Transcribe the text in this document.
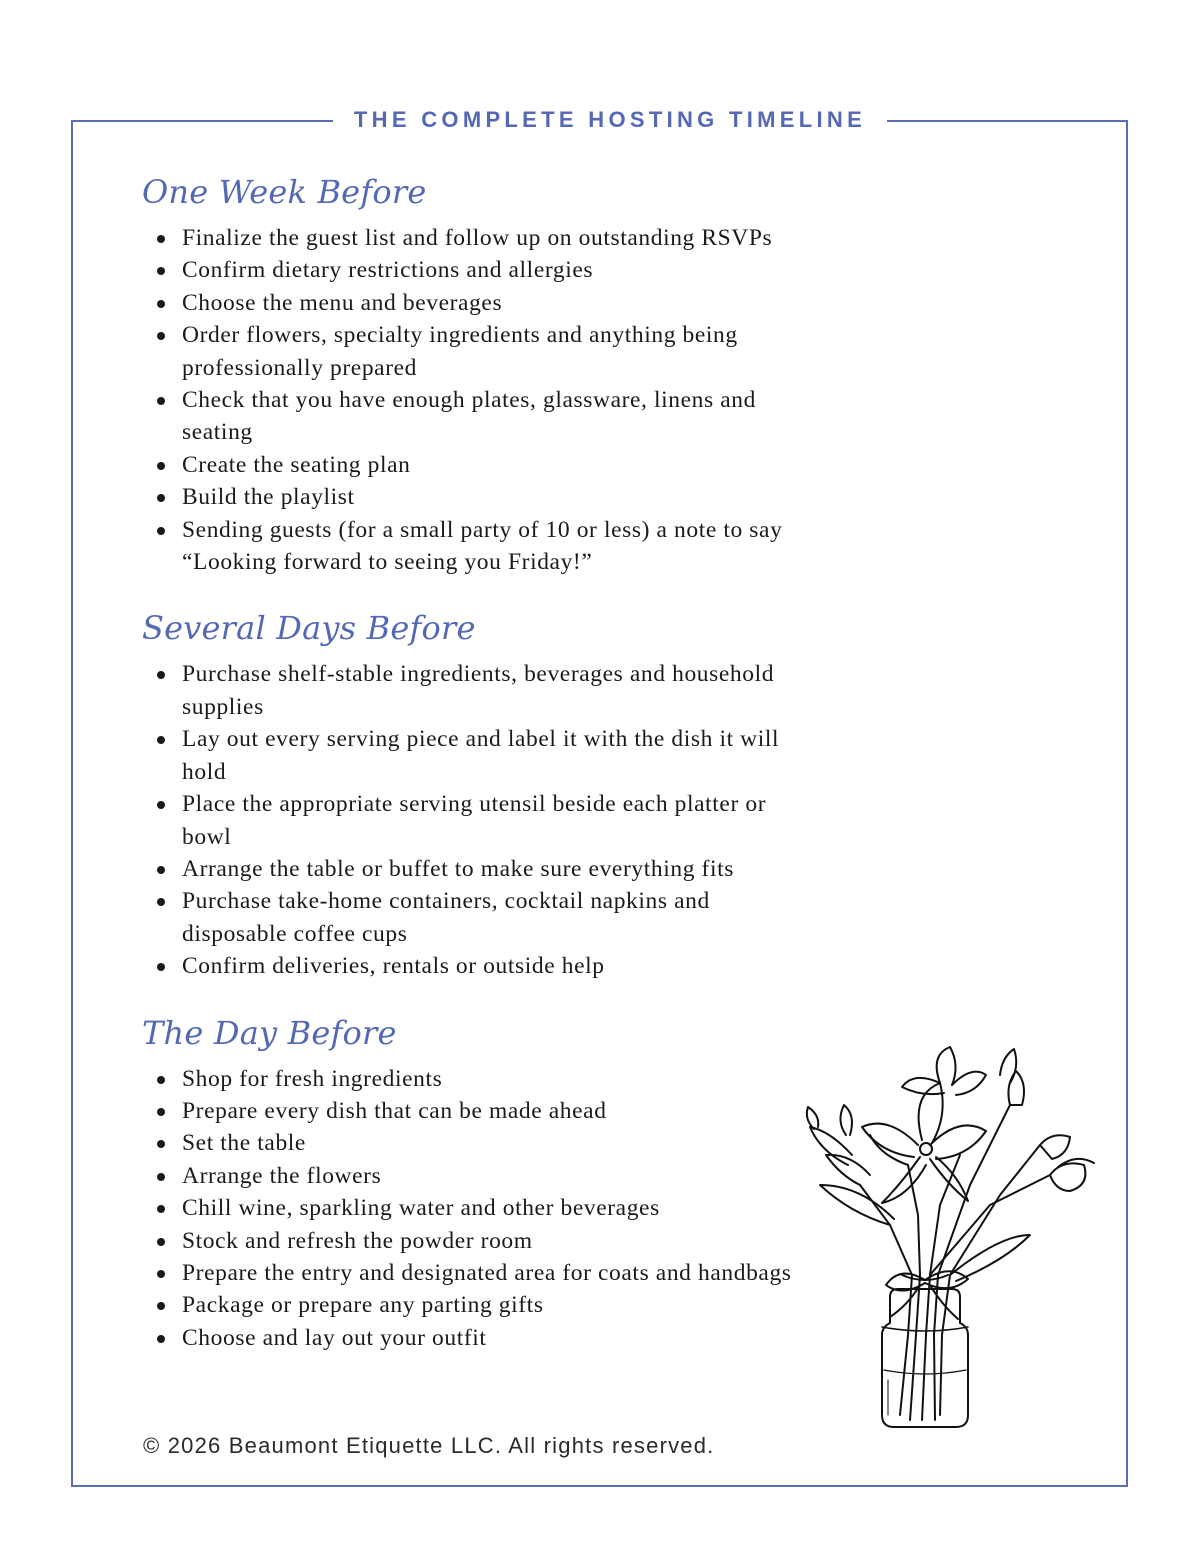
THE COMPLETE HOSTING TIMELINE
One Week Before
Finalize the guest list and follow up on outstanding RSVPs
Confirm dietary restrictions and allergies
Choose the menu and beverages
Order flowers, specialty ingredients and anything being professionally prepared
Check that you have enough plates, glassware, linens and seating
Create the seating plan
Build the playlist
Sending guests (for a small party of 10 or less) a note to say “Looking forward to seeing you Friday!”
Several Days Before
Purchase shelf-stable ingredients, beverages and household supplies
Lay out every serving piece and label it with the dish it will hold
Place the appropriate serving utensil beside each platter or bowl
Arrange the table or buffet to make sure everything fits
Purchase take-home containers, cocktail napkins and disposable coffee cups
Confirm deliveries, rentals or outside help
The Day Before
Shop for fresh ingredients
Prepare every dish that can be made ahead
Set the table
Arrange the flowers
Chill wine, sparkling water and other beverages
Stock and refresh the powder room
Prepare the entry and designated area for coats and handbags
Package or prepare any parting gifts
Choose and lay out your outfit
© 2026 Beaumont Etiquette LLC. All rights reserved.
